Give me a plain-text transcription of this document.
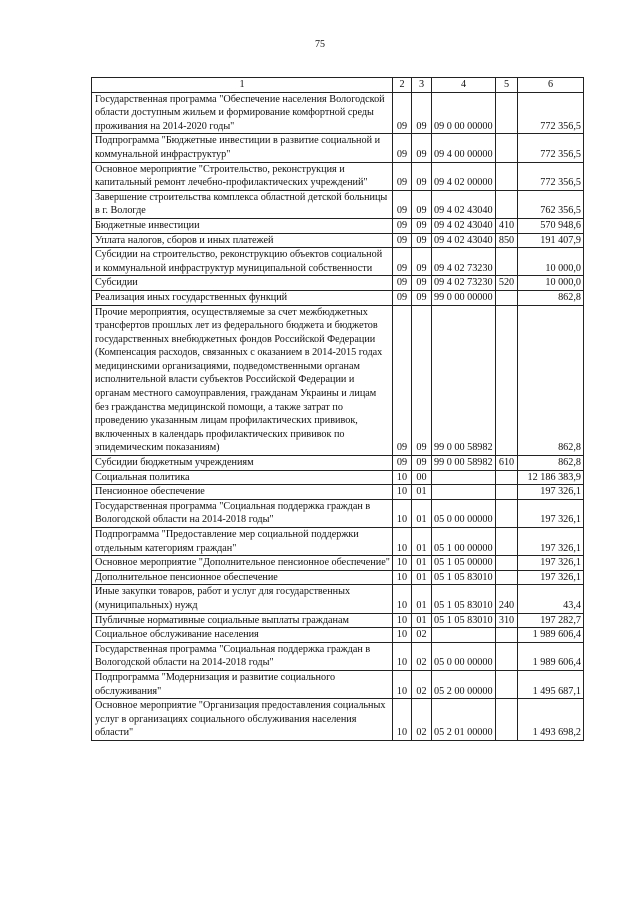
75
1	2	3	4	5	6
Государственная программа "Обеспечение населения Вологодской области доступным жильем и формирование комфортной среды проживания на 2014-2020 годы"	09	09	09 0 00 00000		772 356,5
Подпрограмма "Бюджетные инвестиции в развитие социальной и коммунальной инфраструктур"	09	09	09 4 00 00000		772 356,5
Основное мероприятие "Строительство, реконструкция и капитальный ремонт лечебно-профилактических учреждений"	09	09	09 4 02 00000		772 356,5
Завершение строительства комплекса областной детской больницы в г. Вологде	09	09	09 4 02 43040		762 356,5
Бюджетные инвестиции	09	09	09 4 02 43040	410	570 948,6
Уплата налогов, сборов и иных платежей	09	09	09 4 02 43040	850	191 407,9
Субсидии на строительство, реконструкцию объектов социальной и коммунальной инфраструктур муниципальной собственности	09	09	09 4 02 73230		10 000,0
Субсидии	09	09	09 4 02 73230	520	10 000,0
Реализация иных государственных функций	09	09	99 0 00 00000		862,8
Прочие мероприятия, осуществляемые за счет межбюджетных трансфертов прошлых лет из федерального бюджета и бюджетов государственных внебюджетных фондов Российской Федерации (Компенсация расходов, связанных с оказанием в 2014-2015 годах медицинскими организациями, подведомственными органам исполнительной власти субъектов Российской Федерации и органам местного самоуправления, гражданам Украины и лицам без гражданства медицинской помощи, а также затрат по проведению указанным лицам профилактических прививок, включенных в календарь профилактических прививок по эпидемическим показаниям)	09	09	99 0 00 58982		862,8
Субсидии бюджетным учреждениям	09	09	99 0 00 58982	610	862,8
Социальная политика	10	00			12 186 383,9
Пенсионное обеспечение	10	01			197 326,1
Государственная программа "Социальная поддержка граждан в Вологодской области на 2014-2018 годы"	10	01	05 0 00 00000		197 326,1
Подпрограмма "Предоставление мер социальной поддержки отдельным категориям граждан"	10	01	05 1 00 00000		197 326,1
Основное мероприятие "Дополнительное пенсионное обеспечение"	10	01	05 1 05 00000		197 326,1
Дополнительное пенсионное обеспечение	10	01	05 1 05 83010		197 326,1
Иные закупки товаров, работ и услуг для государственных (муниципальных) нужд	10	01	05 1 05 83010	240	43,4
Публичные нормативные социальные выплаты гражданам	10	01	05 1 05 83010	310	197 282,7
Социальное обслуживание населения	10	02			1 989 606,4
Государственная программа "Социальная поддержка граждан в Вологодской области на 2014-2018 годы"	10	02	05 0 00 00000		1 989 606,4
Подпрограмма "Модернизация и развитие социального обслуживания"	10	02	05 2 00 00000		1 495 687,1
Основное мероприятие "Организация предоставления социальных услуг в организациях социального обслуживания населения области"	10	02	05 2 01 00000		1 493 698,2
